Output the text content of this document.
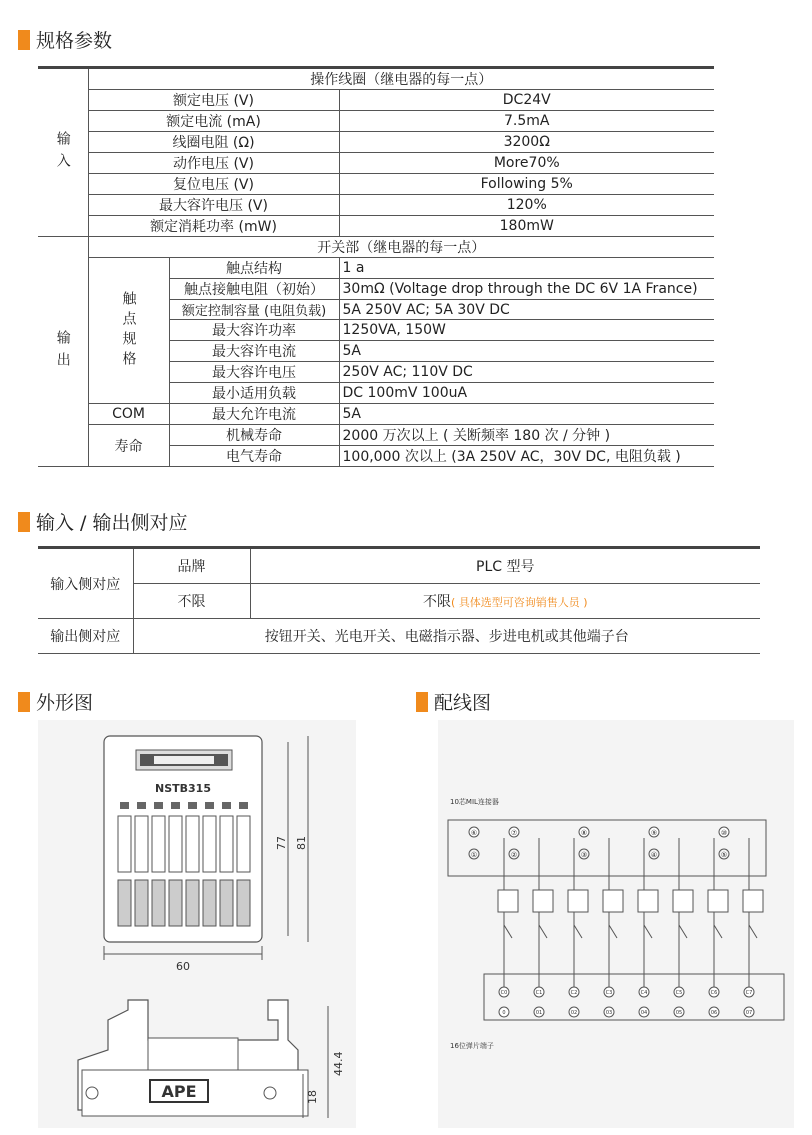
规格参数
输入	操作线圈（继电器的每一点）		
	额定电压 (V)		DC24V
	额定电流 (mA)		7.5mA
	线圈电阻 (Ω)		3200Ω
	动作电压 (V)		More70%
	复位电压 (V)		Following 5%
	最大容许电压 (V)		120%
	额定消耗功率 (mW)		180mW

输出	开关部（继电器的每一点）		

	触点规格	触点结构	1 a
		触点接触电阻（初始）	30mΩ (Voltage drop through the DC 6V 1A France)
		额定控制容量 (电阻负载)	5A 250V AC; 5A 30V DC
		最大容许功率	1250VA, 150W
		最大容许电流	5A
		最大容许电压	250V AC; 110V DC
		最小适用负载	DC 100mV 100uA
	COM	最大允许电流	5A
	寿命	机械寿命	2000 万次以上 ( 关断频率 180 次 / 分钟 )
		电气寿命	100,000 次以上 (3A 250V AC，30V DC, 电阻负载 )
输入 / 输出侧对应
输入侧对应	品牌	PLC 型号
	不限	不限( 具体选型可咨询销售人员 )
输出侧对应	按钮开关、光电开关、电磁指示器、步进电机或其他端子台	
外形图	配线图
NSTB315
60
77 81
APE
44.4
18
10芯MIL连接器
⑥
①
⑦
②
⑧
③
⑨
④
⑩
⑤
C0
0
C1
01
C2
02
C3
03
C4
04
C5
05
C6
06
C7
07
16位弹片端子
